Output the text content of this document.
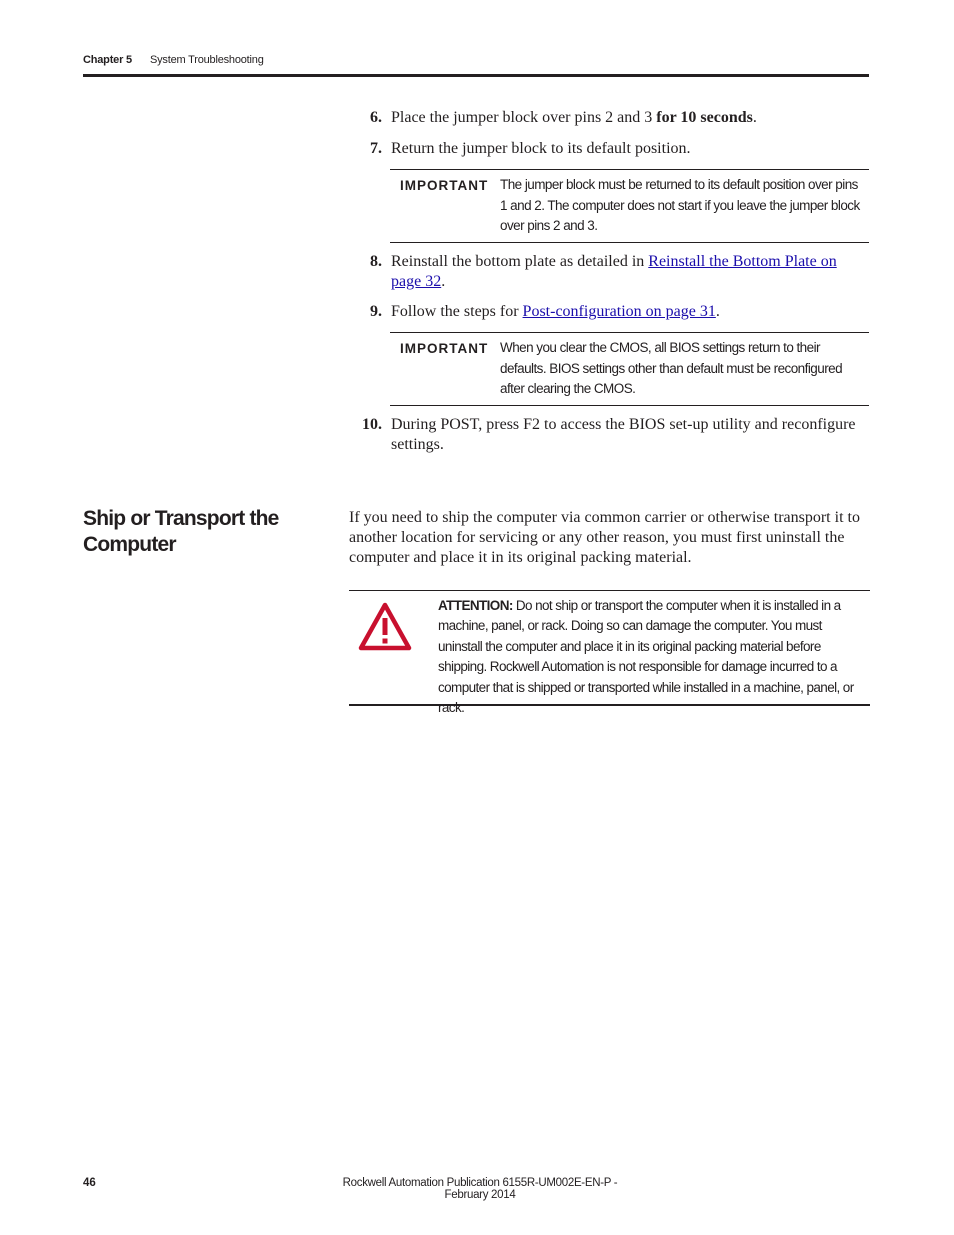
Chapter 5 System Troubleshooting
6. Place the jumper block over pins 2 and 3 for 10 seconds.
7. Return the jumper block to its default position.
IMPORTANT The jumper block must be returned to its default position over pins 1 and 2. The computer does not start if you leave the jumper block over pins 2 and 3.
8. Reinstall the bottom plate as detailed in Reinstall the Bottom Plate on page 32.
9. Follow the steps for Post-configuration on page 31.
IMPORTANT When you clear the CMOS, all BIOS settings return to their defaults. BIOS settings other than default must be reconfigured after clearing the CMOS.
10. During POST, press F2 to access the BIOS set-up utility and reconfigure settings.
Ship or Transport the Computer
If you need to ship the computer via common carrier or otherwise transport it to another location for servicing or any other reason, you must first uninstall the computer and place it in its original packing material.
ATTENTION: Do not ship or transport the computer when it is installed in a machine, panel, or rack. Doing so can damage the computer. You must uninstall the computer and place it in its original packing material before shipping. Rockwell Automation is not responsible for damage incurred to a computer that is shipped or transported while installed in a machine, panel, or rack.
46	Rockwell Automation Publication 6155R-UM002E-EN-P - February 2014
